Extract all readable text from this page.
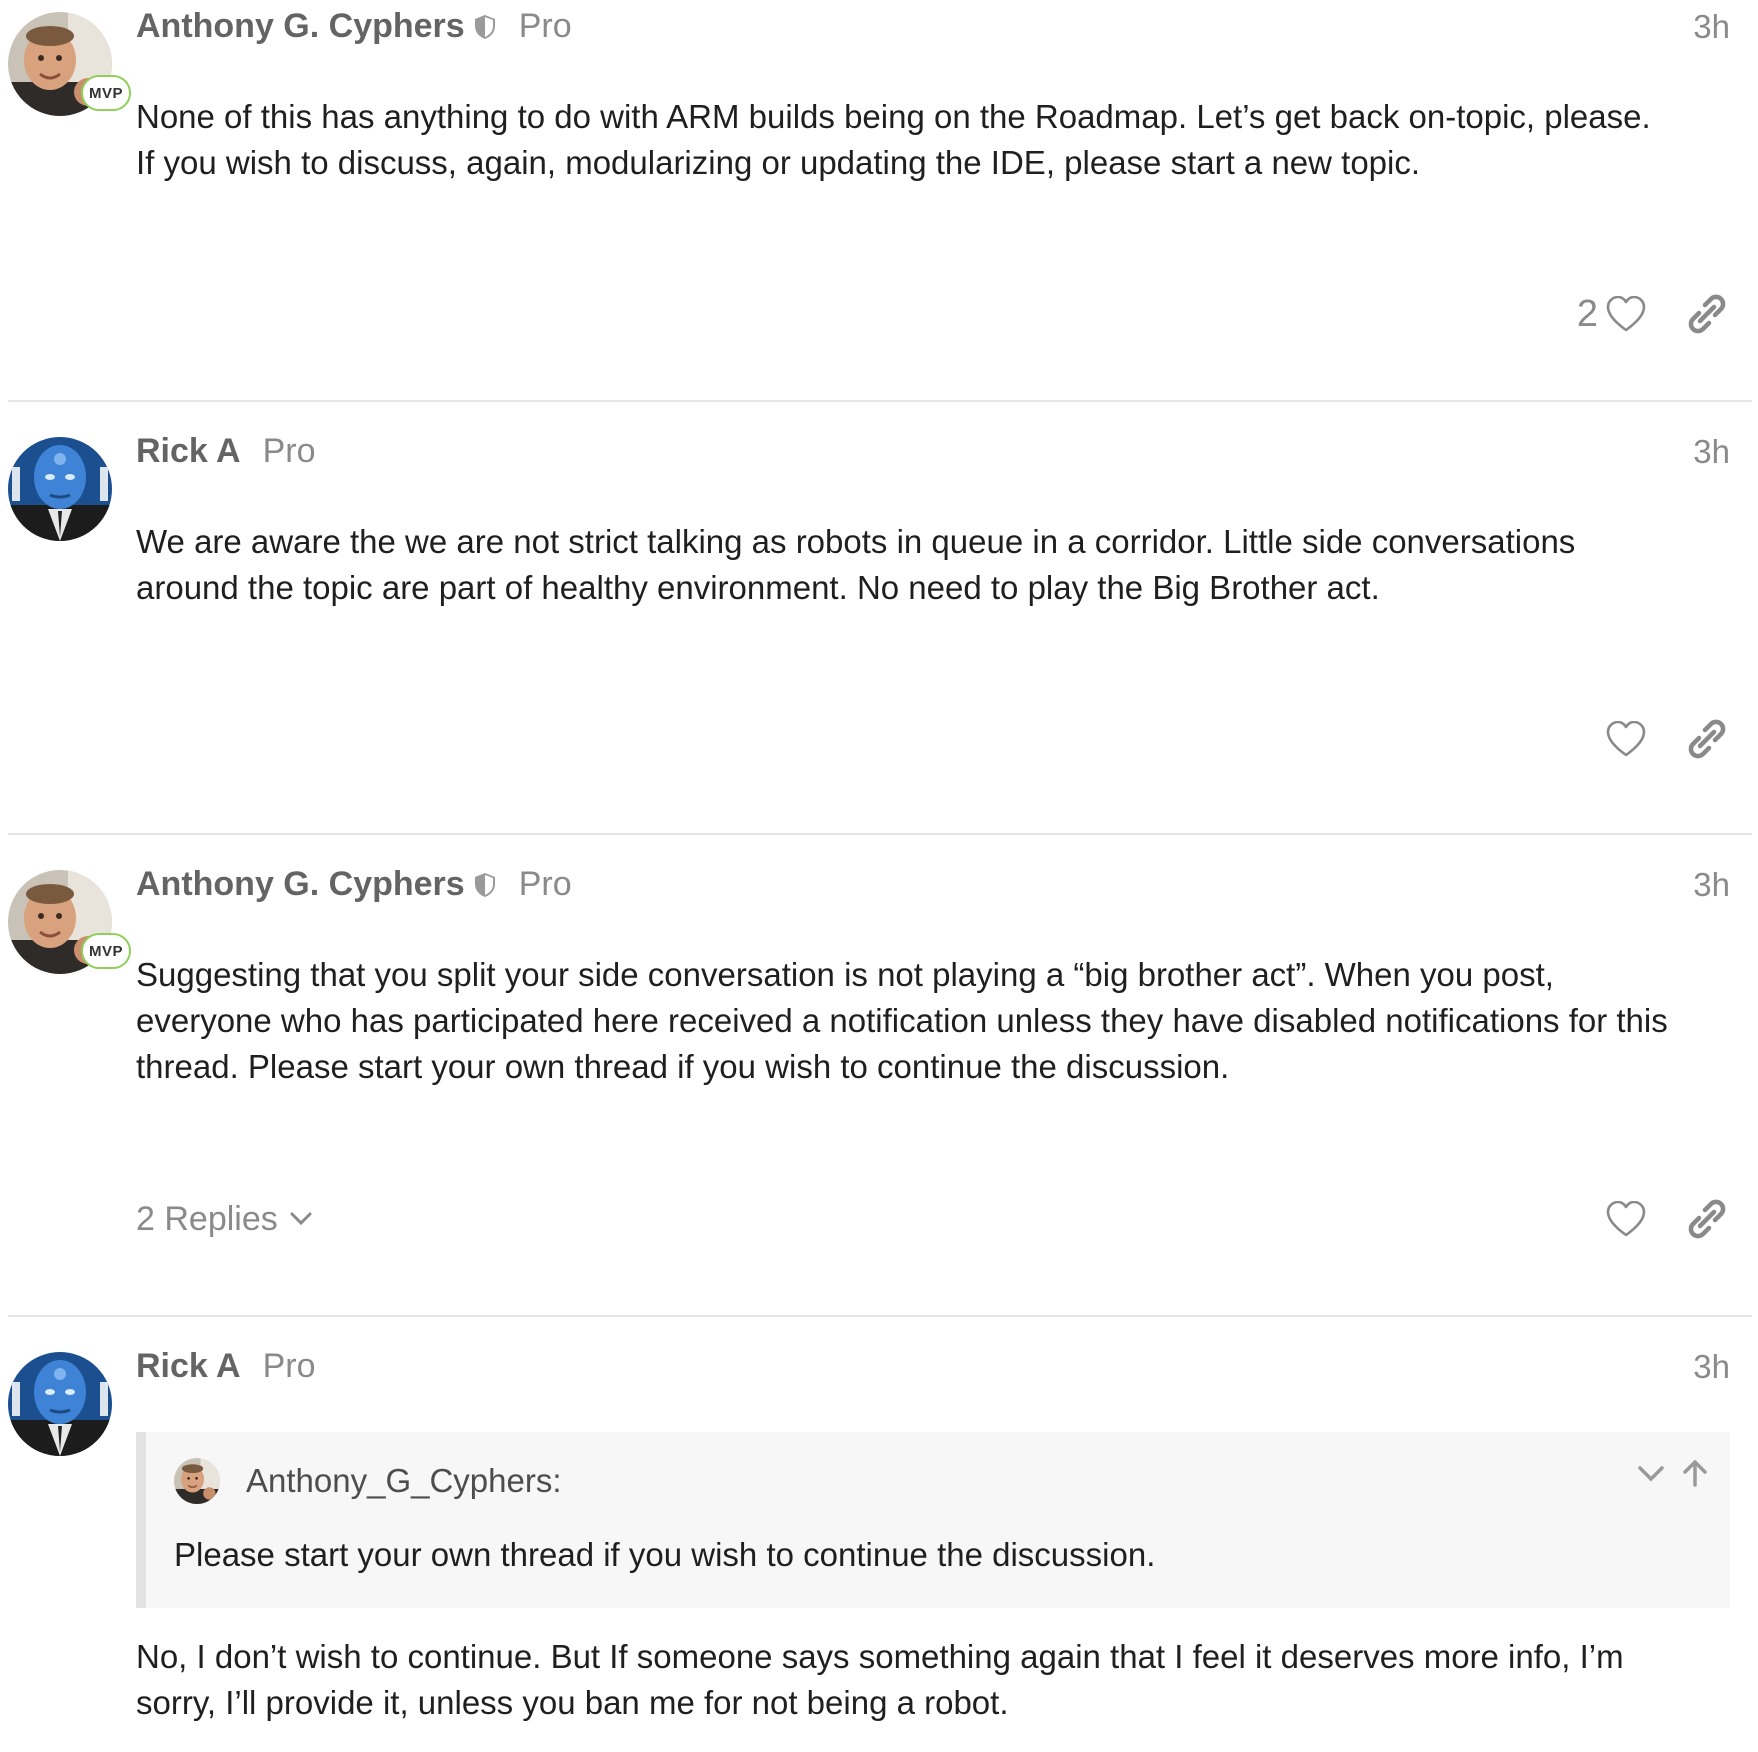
MVP
Anthony G. Cyphers Pro	3h
None of this has anything to do with ARM builds being on the Roadmap. Let’s get back on-topic, please.
If you wish to discuss, again, modularizing or updating the IDE, please start a new topic.
2
Rick A Pro	3h
We are aware the we are not strict talking as robots in queue in a corridor. Little side conversations
around the topic are part of healthy environment. No need to play the Big Brother act.
MVP
Anthony G. Cyphers Pro	3h
Suggesting that you split your side conversation is not playing a “big brother act”. When you post,
everyone who has participated here received a notification unless they have disabled notifications for this
thread. Please start your own thread if you wish to continue the discussion.
2 Replies
Rick A Pro	3h
Anthony_G_Cyphers:
Please start your own thread if you wish to continue the discussion.
No, I don’t wish to continue. But If someone says something again that I feel it deserves more info, I’m
sorry, I’ll provide it, unless you ban me for not being a robot.
